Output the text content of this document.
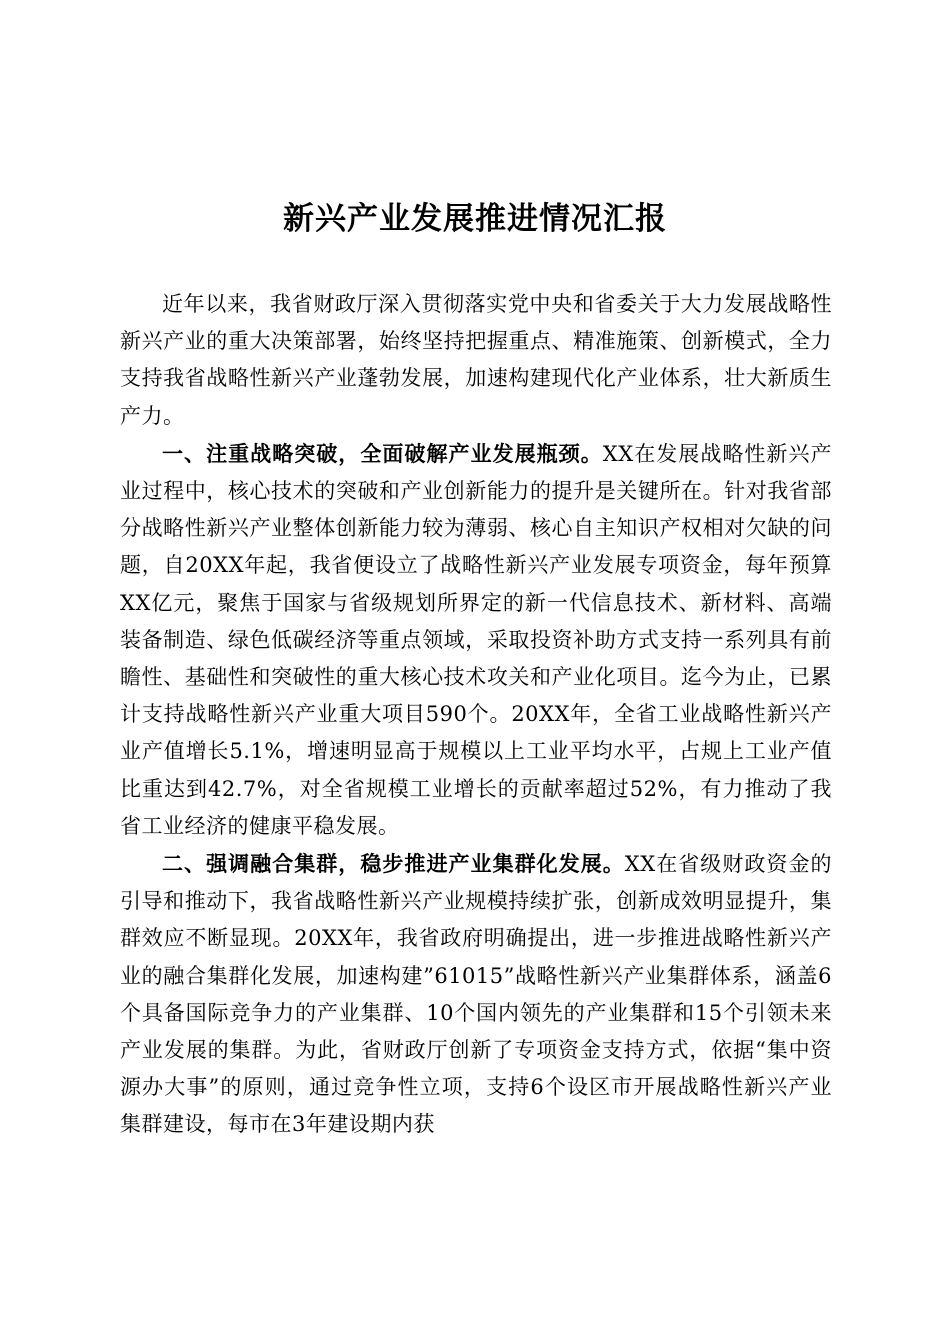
新兴产业发展推进情况汇报

近年以来，我省财政厅深入贯彻落实党中央和省委关于大力发展战略性新兴产业的重大决策部署，始终坚持把握重点、精准施策、创新模式，全力支持我省战略性新兴产业蓬勃发展，加速构建现代化产业体系，壮大新质生产力。

一、注重战略突破，全面破解产业发展瓶颈。XX在发展战略性新兴产业过程中，核心技术的突破和产业创新能力的提升是关键所在。针对我省部分战略性新兴产业整体创新能力较为薄弱、核心自主知识产权相对欠缺的问题，自20XX年起，我省便设立了战略性新兴产业发展专项资金，每年预算XX亿元，聚焦于国家与省级规划所界定的新一代信息技术、新材料、高端装备制造、绿色低碳经济等重点领域，采取投资补助方式支持一系列具有前瞻性、基础性和突破性的重大核心技术攻关和产业化项目。迄今为止，已累计支持战略性新兴产业重大项目590个。20XX年，全省工业战略性新兴产业产值增长5.1%，增速明显高于规模以上工业平均水平，占规上工业产值比重达到42.7%，对全省规模工业增长的贡献率超过52%，有力推动了我省工业经济的健康平稳发展。

二、强调融合集群，稳步推进产业集群化发展。XX在省级财政资金的引导和推动下，我省战略性新兴产业规模持续扩张，创新成效明显提升，集群效应不断显现。20XX年，我省政府明确提出，进一步推进战略性新兴产业的融合集群化发展，加速构建”61015”战略性新兴产业集群体系，涵盖6个具备国际竞争力的产业集群、10个国内领先的产业集群和15个引领未来产业发展的集群。为此，省财政厅创新了专项资金支持方式，依据“集中资源办大事”的原则，通过竞争性立项，支持6个设区市开展战略性新兴产业集群建设，每市在3年建设期内获
